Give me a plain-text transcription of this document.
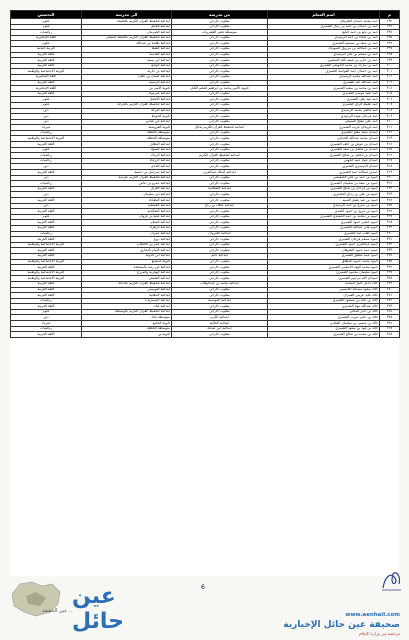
م	اسم المعلم	من مدرسة	الى مدرسة	التخصص
٢٩٢	حمد محمد حمدان الشرهان	مقلوب خارجي	ابتدائية لتحفيظ القرآن الكريم بالحليفة	علوم
٢٩٣	حمد بن حمدان بن حمد بن رمال الشمري	مقلوب خارجي	ابتدائية الخليل	علوم
٢٩٤	حمد بن بايع بن حمد البايع	متوسطة قصر العشروات	ابتدائية الصرمان	رياضيات
٢٩٥	حمد بن عيادة بن حمد الرشيدي	مقلوب خارجي	ابتدائية لتحفيظ القرآن الكريم بالحليفة السفلى	اللغة الإنجليزية
٢٩٦	حمد بن سعد بن مسعود الشمري	مقلوب خارجي	ابتدائية طلحة بن عبدالله	علوم
٢٩٧	حمد بن عبدالله بن مرزوق السويداء	مقلوب خارجي	ابتدائية الشفا	التربية البدنية
٢٩٨	حمد بن مسلم بن علي الرشيدي	مقلوب خارجي	ابتدائية القديمة	اللغة العربية
٢٩٩	حمد بن خازم بن ضيف الله السليمي	مقلوب خارجي	ابتدائية ابن تيمية	اللغة العربية
٣٠٠	حمد بن مبارك بن محمد الجويعي الشمري	مقلوب خارجي	ابتدائية الواقع	اللغة العربية
٣٠١	حمد بن حمدان حمد الغوانمة الشمري	مقلوب خارجي	ابتدائية بن حارثة	التربية الاجتماعية والوطنية
٣٠٢	حمد عبدالله محمد الرشيدي	مقلوب خارجي	ابتدائية عثمان بن عفان	اللغة الإنجليزية
٣٠٣	حمد عبدالله عيد الشمري	مقلوب خارجي	ابتدائية الرسمة	اللغة العربية
٣٠٤	حمد بن محمد بن سعيد الشمري	ثانوية الأمير محمد بن ابراهيم لتعليم الكبار	ثانوية الأمير بن	اللغة الإنجليزية
٣٠٥	حمد عبيد موسى الشمري	مقلوب خارجي	ابتدائية اليرموك	اللغة العربية
٣٠٦	حمد عيد علي الشمري	مقلوب خارجي	ابتدائية الأفضل	علوم
٣٠٧	حمد عقيلة الراي الشمري	مقلوب خارجي	ابتدائية لتحفيظ القرآن الكريم بالجرانة	علوم
٣٠٨	حمد فاضل محمد الرشيدي	مقلوب خارجي	ابتدائية البركة	دين
٣٠٩	حمد فرحان عوده الرشيدي	مقلوب خارجي	ثانوية الحويط	دين
٣١٠	حمد علي مفلح السبيعي	مقلوب خارجي	ابتدائية ابن عباس	دين
٣١١	حمد فريحان عريب الشمري	ابتدائية لتحفيظ القرآن الكريم بحائل	ثانوية الفروسية	فيزياء
٣١٢	حمدان سعد مفلح الشمري	مقلوب خارجي	متوسطة الجطلة	رياضيات
٣١٣	حمدان محمد عبدالله الجداني	مقلوب خارجي	متوسطة الجطلة	التربية الاجتماعية والوطنية
٣١٤	حمدان بن عوض بن خلف الشمري	مقلوب خارجي	ابتدائية النطاق	اللغة العربية
٣١٥	حمدان بن فاضل بن سعد الشمري	مقلوب خارجي	ابتدائية السواد	علوم
٣١٦	حمدان بن فاضل بن صالح الشمري	ابتدائية لتحفيظ القرآن الكريم	ابتدائية الرجاء	رياضيات
٣١٧	حمدان عواد عبيد الجهني	مقلوب خارجي	ابتدائية الزرقاء	رياضيات
٣١٨	حمدان الدوسري الشمري	مقلوب خارجي	ابتدائية الجدى	دين
٣١٩	حمدي عبدالله حمد الشمري	ابتدائية الملك عبدالعزيز	ابتدائية شرحبيل بن حسنة	اللغة العربية
٣٢٠	حمود بن حمد بن علي الصعيصي	مقلوب خارجي	ابتدائية لتحفيظ القرآن الكريم بالرنمة	دين
٣٢١	حمود بن سعد بن سليمان الشمري	مقلوب خارجي	ابتدائية عمرو بن عاص	رياضيات
٣٢٢	حمود بن فرحان بن صالح الشمري	ابتدائية الشعلانية	ابتدائية الغزال	اللغة العربية
٣٢٣	حمود بن علي بن رداي الصامري	مقلوب خارجي	ابتدائية ابن سليمان	دين
٣٢٤	حمود بن عيد عقيل العميد	مقلوب خارجي	ابتدائية البطحاء	اللغة العربية
٣٢٥	حمود بن شارع بن حمد الرشيدي	ابتدائية عطاء بن رباح	ابتدائية الفيصلية	دين
٣٢٦	حمود بن فريح بن حمود النجدي	مقلوب خارجي	ابتدائية الصالحية	اللغة العربية
٣٢٧	حمود بن محمد بن حمد الصعيدي الشمري	مقلوب خارجي	ابتدائية عتبة بن غزوان	علوم
٣٢٨	حمود خضير حمود الشمري	مقلوب خارجي	ابتدائية السلام	اللغة العربية
٣٢٩	حمود علي عبدالله الشمري	مقلوب خارجي	ابتدائية الزهراء	اللغة العربية
٣٣٠	حمود طلب عيد الشمري	ابتدائية القيروان	ابتدائية عمران	رياضيات
٣٣١	حمود مسلم فرحان الشمري	مقلوب خارجي	ابتدائية بريح	اللغة العربية
٣٣٢	حمود عبدالعزيز حمود الشمري	مقلوب خارجي	ابتدائية عمر بن الخطاب	التربية الاجتماعية والوطنية
٣٣٣	حمود حمد حمود الشرهان	مقلوب خارجي	ابتدائية الإمام البخاري	اللغة العربية
٣٣٤	حمود عبيد مطلق الشمري	ابتدائية حاتم	ابتدائية ابن الدولة	اللغة العربية
٣٣٥	حمود محمد حمود المطلق	مقلوب خارجي	ثانوية المصبغ	التربية الاجتماعية والوطنية
٣٣٦	حمود محمد الهف الاسلمي الشمري	مقلوب خارجي	ابتدائية ابن رشد بالمسلخة	اللغة العربية
٣٣٧	حمود سليمان محمود الشمري	مقلوب خارجي	ابتدائية الهجرية والمزرع	التربية الاجتماعية والوطنية
٣٣٨	حميدان الله مرحوم الشمري	مقلوب خارجي	ابتدائية الشنبلي	التربية الاجتماعية والوطنية
٣٣٩	خالد دخيل خليل المحمد	ابتدائية محمد بن عبدالوهاب	ابتدائية لتحفيظ القرآن الكريم بالدعاة	اللغة العربية
٣٤٠	خالد سعود مساعد الحسيني	مقلوب خارجي	ابتدائية التويمس	اللغة العربية
٣٤١	خالد عايد عريبي العمران	مقلوب خارجي	ابتدائية الدهانية	اللغة العربية
٣٤٢	خالد بن عايد بن مسعود الشمري	ابتدائية الموسمة	ابتدائية السماريات	رياضيات
٣٤٣	خالد عبدالله مهنا الشمري	مقلوب خارجي	ابتدائية قناه	اللغة العربية
٣٤٤	خالد بن جابر المثاني	مقلوب خارجي	ابتدائية لتحفيظ القرآن الكريم بالوسيطة	علوم
٣٤٥	خالد بن عامر عريب الشمري	ابتدائية الكرم	متوسطة قناه	دين
٣٤٦	خالد بن عيسى بن سليمان الغيلاني	ابتدائية الخالية	ثانوية الجامع	فيزياء
٣٤٧	خالد بن فهد بن سعود الشمري	ابتدائية ابن صدقة	متوسطة الجطلة	رياضيات
٣٤٨	خالد بن محمد بن صالح الشمري	مقلوب خارجي	ثانوية بن	اللغة العربية
6
عين حائل
عين الحقيقة ..
www.aenhail.com
صحيفة عين حائل الإخبارية
مرخصة من وزارة الإعلام
